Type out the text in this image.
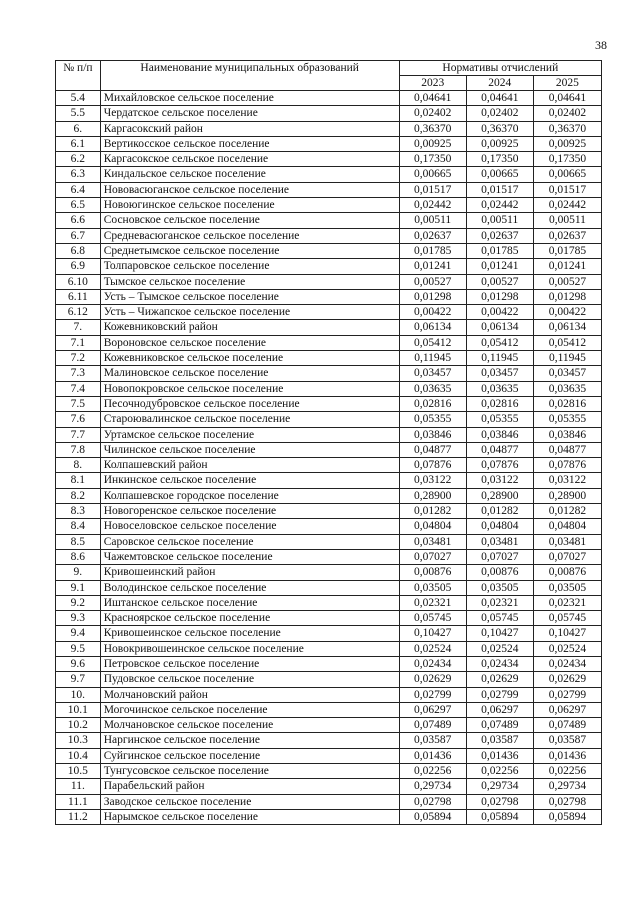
38
№ п/п	Наименование муниципальных образований	Нормативы отчислений		
		2023	2024	2025
5.4	Михайловское сельское поселение	0,04641	0,04641	0,04641
5.5	Чердатское сельское поселение	0,02402	0,02402	0,02402
6.	Каргасокский район	0,36370	0,36370	0,36370
6.1	Вертикосское сельское поселение	0,00925	0,00925	0,00925
6.2	Каргасокское сельское поселение	0,17350	0,17350	0,17350
6.3	Киндальское сельское поселение	0,00665	0,00665	0,00665
6.4	Нововасюганское сельское поселение	0,01517	0,01517	0,01517
6.5	Новоюгинское сельское поселение	0,02442	0,02442	0,02442
6.6	Сосновское сельское поселение	0,00511	0,00511	0,00511
6.7	Средневасюганское сельское поселение	0,02637	0,02637	0,02637
6.8	Среднетымское сельское поселение	0,01785	0,01785	0,01785
6.9	Толпаровское сельское поселение	0,01241	0,01241	0,01241
6.10	Тымское сельское поселение	0,00527	0,00527	0,00527
6.11	Усть – Тымское сельское поселение	0,01298	0,01298	0,01298
6.12	Усть – Чижапское сельское поселение	0,00422	0,00422	0,00422
7.	Кожевниковский район	0,06134	0,06134	0,06134
7.1	Вороновское сельское поселение	0,05412	0,05412	0,05412
7.2	Кожевниковское сельское поселение	0,11945	0,11945	0,11945
7.3	Малиновское сельское поселение	0,03457	0,03457	0,03457
7.4	Новопокровское сельское поселение	0,03635	0,03635	0,03635
7.5	Песочнодубровское сельское поселение	0,02816	0,02816	0,02816
7.6	Староювалинское сельское поселение	0,05355	0,05355	0,05355
7.7	Уртамское сельское поселение	0,03846	0,03846	0,03846
7.8	Чилинское сельское поселение	0,04877	0,04877	0,04877
8.	Колпашевский район	0,07876	0,07876	0,07876
8.1	Инкинское сельское поселение	0,03122	0,03122	0,03122
8.2	Колпашевское городское поселение	0,28900	0,28900	0,28900
8.3	Новогоренское сельское поселение	0,01282	0,01282	0,01282
8.4	Новоселовское сельское поселение	0,04804	0,04804	0,04804
8.5	Саровское сельское поселение	0,03481	0,03481	0,03481
8.6	Чажемтовское сельское поселение	0,07027	0,07027	0,07027
9.	Кривошеинский район	0,00876	0,00876	0,00876
9.1	Володинское сельское поселение	0,03505	0,03505	0,03505
9.2	Иштанское сельское поселение	0,02321	0,02321	0,02321
9.3	Красноярское сельское поселение	0,05745	0,05745	0,05745
9.4	Кривошеинское сельское поселение	0,10427	0,10427	0,10427
9.5	Новокривошеинское сельское поселение	0,02524	0,02524	0,02524
9.6	Петровское сельское поселение	0,02434	0,02434	0,02434
9.7	Пудовское сельское поселение	0,02629	0,02629	0,02629
10.	Молчановский район	0,02799	0,02799	0,02799
10.1	Могочинское сельское поселение	0,06297	0,06297	0,06297
10.2	Молчановское сельское поселение	0,07489	0,07489	0,07489
10.3	Наргинское сельское поселение	0,03587	0,03587	0,03587
10.4	Суйгинское сельское поселение	0,01436	0,01436	0,01436
10.5	Тунгусовское сельское поселение	0,02256	0,02256	0,02256
11.	Парабельский район	0,29734	0,29734	0,29734
11.1	Заводское сельское поселение	0,02798	0,02798	0,02798
11.2	Нарымское сельское поселение	0,05894	0,05894	0,05894
